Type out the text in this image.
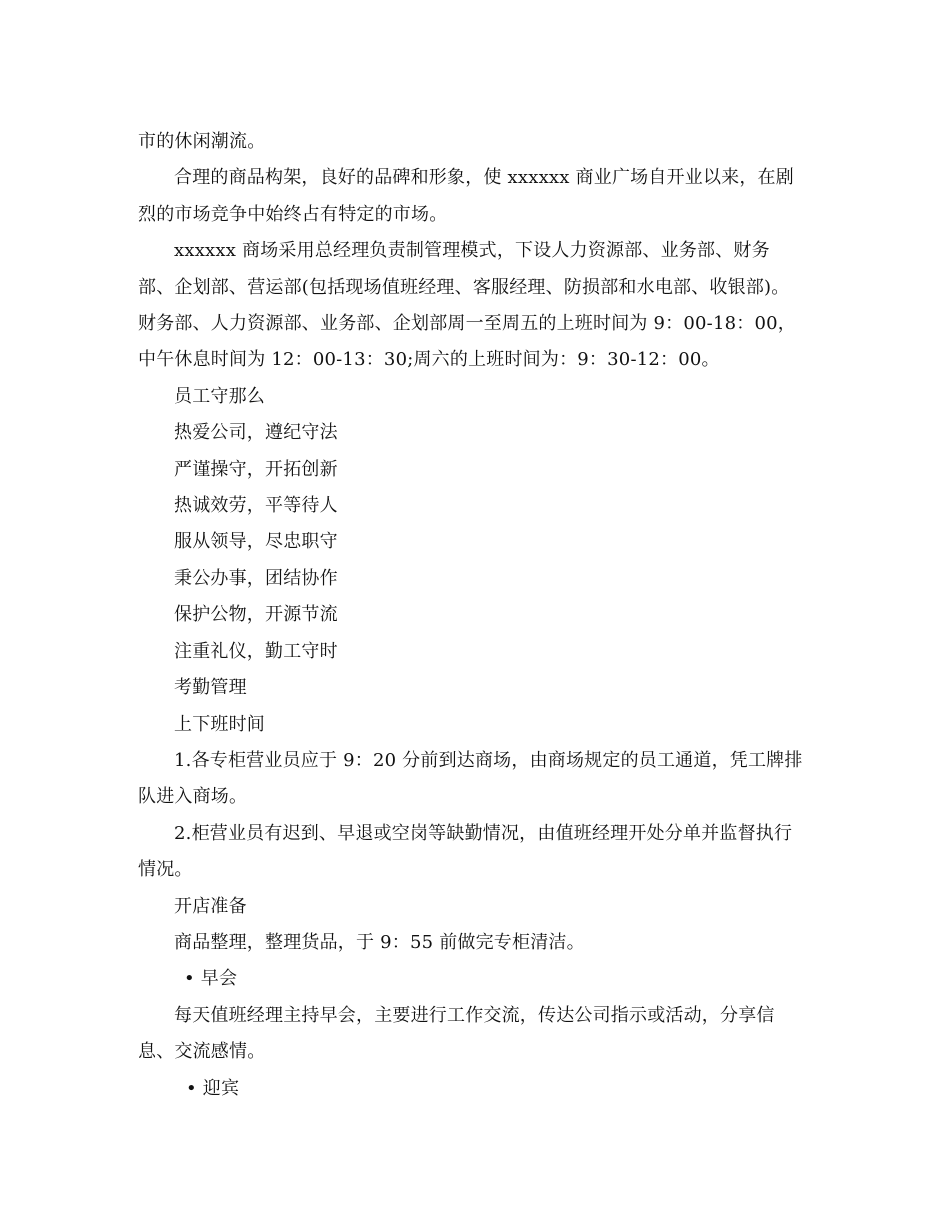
市的休闲潮流。
合理的商品构架，良好的品碑和形象，使 xxxxxx 商业广场自开业以来，在剧
烈的市场竞争中始终占有特定的市场。
xxxxxx 商场采用总经理负责制管理模式，下设人力资源部、业务部、财务
部、企划部、营运部(包括现场值班经理、客服经理、防损部和水电部、收银部)。
财务部、人力资源部、业务部、企划部周一至周五的上班时间为 9：00-18：00，
中午休息时间为 12：00-13：30;周六的上班时间为：9：30-12：00。
员工守那么
热爱公司，遵纪守法
严谨操守，开拓创新
热诚效劳，平等待人
服从领导，尽忠职守
秉公办事，团结协作
保护公物，开源节流
注重礼仪，勤工守时
考勤管理
上下班时间
1.各专柜营业员应于 9：20 分前到达商场，由商场规定的员工通道，凭工牌排
队进入商场。
2.柜营业员有迟到、早退或空岗等缺勤情况，由值班经理开处分单并监督执行
情况。
开店准备
商品整理，整理货品，于 9：55 前做完专柜清洁。
• 早会
每天值班经理主持早会，主要进行工作交流，传达公司指示或活动，分享信
息、交流感情。
• 迎宾
